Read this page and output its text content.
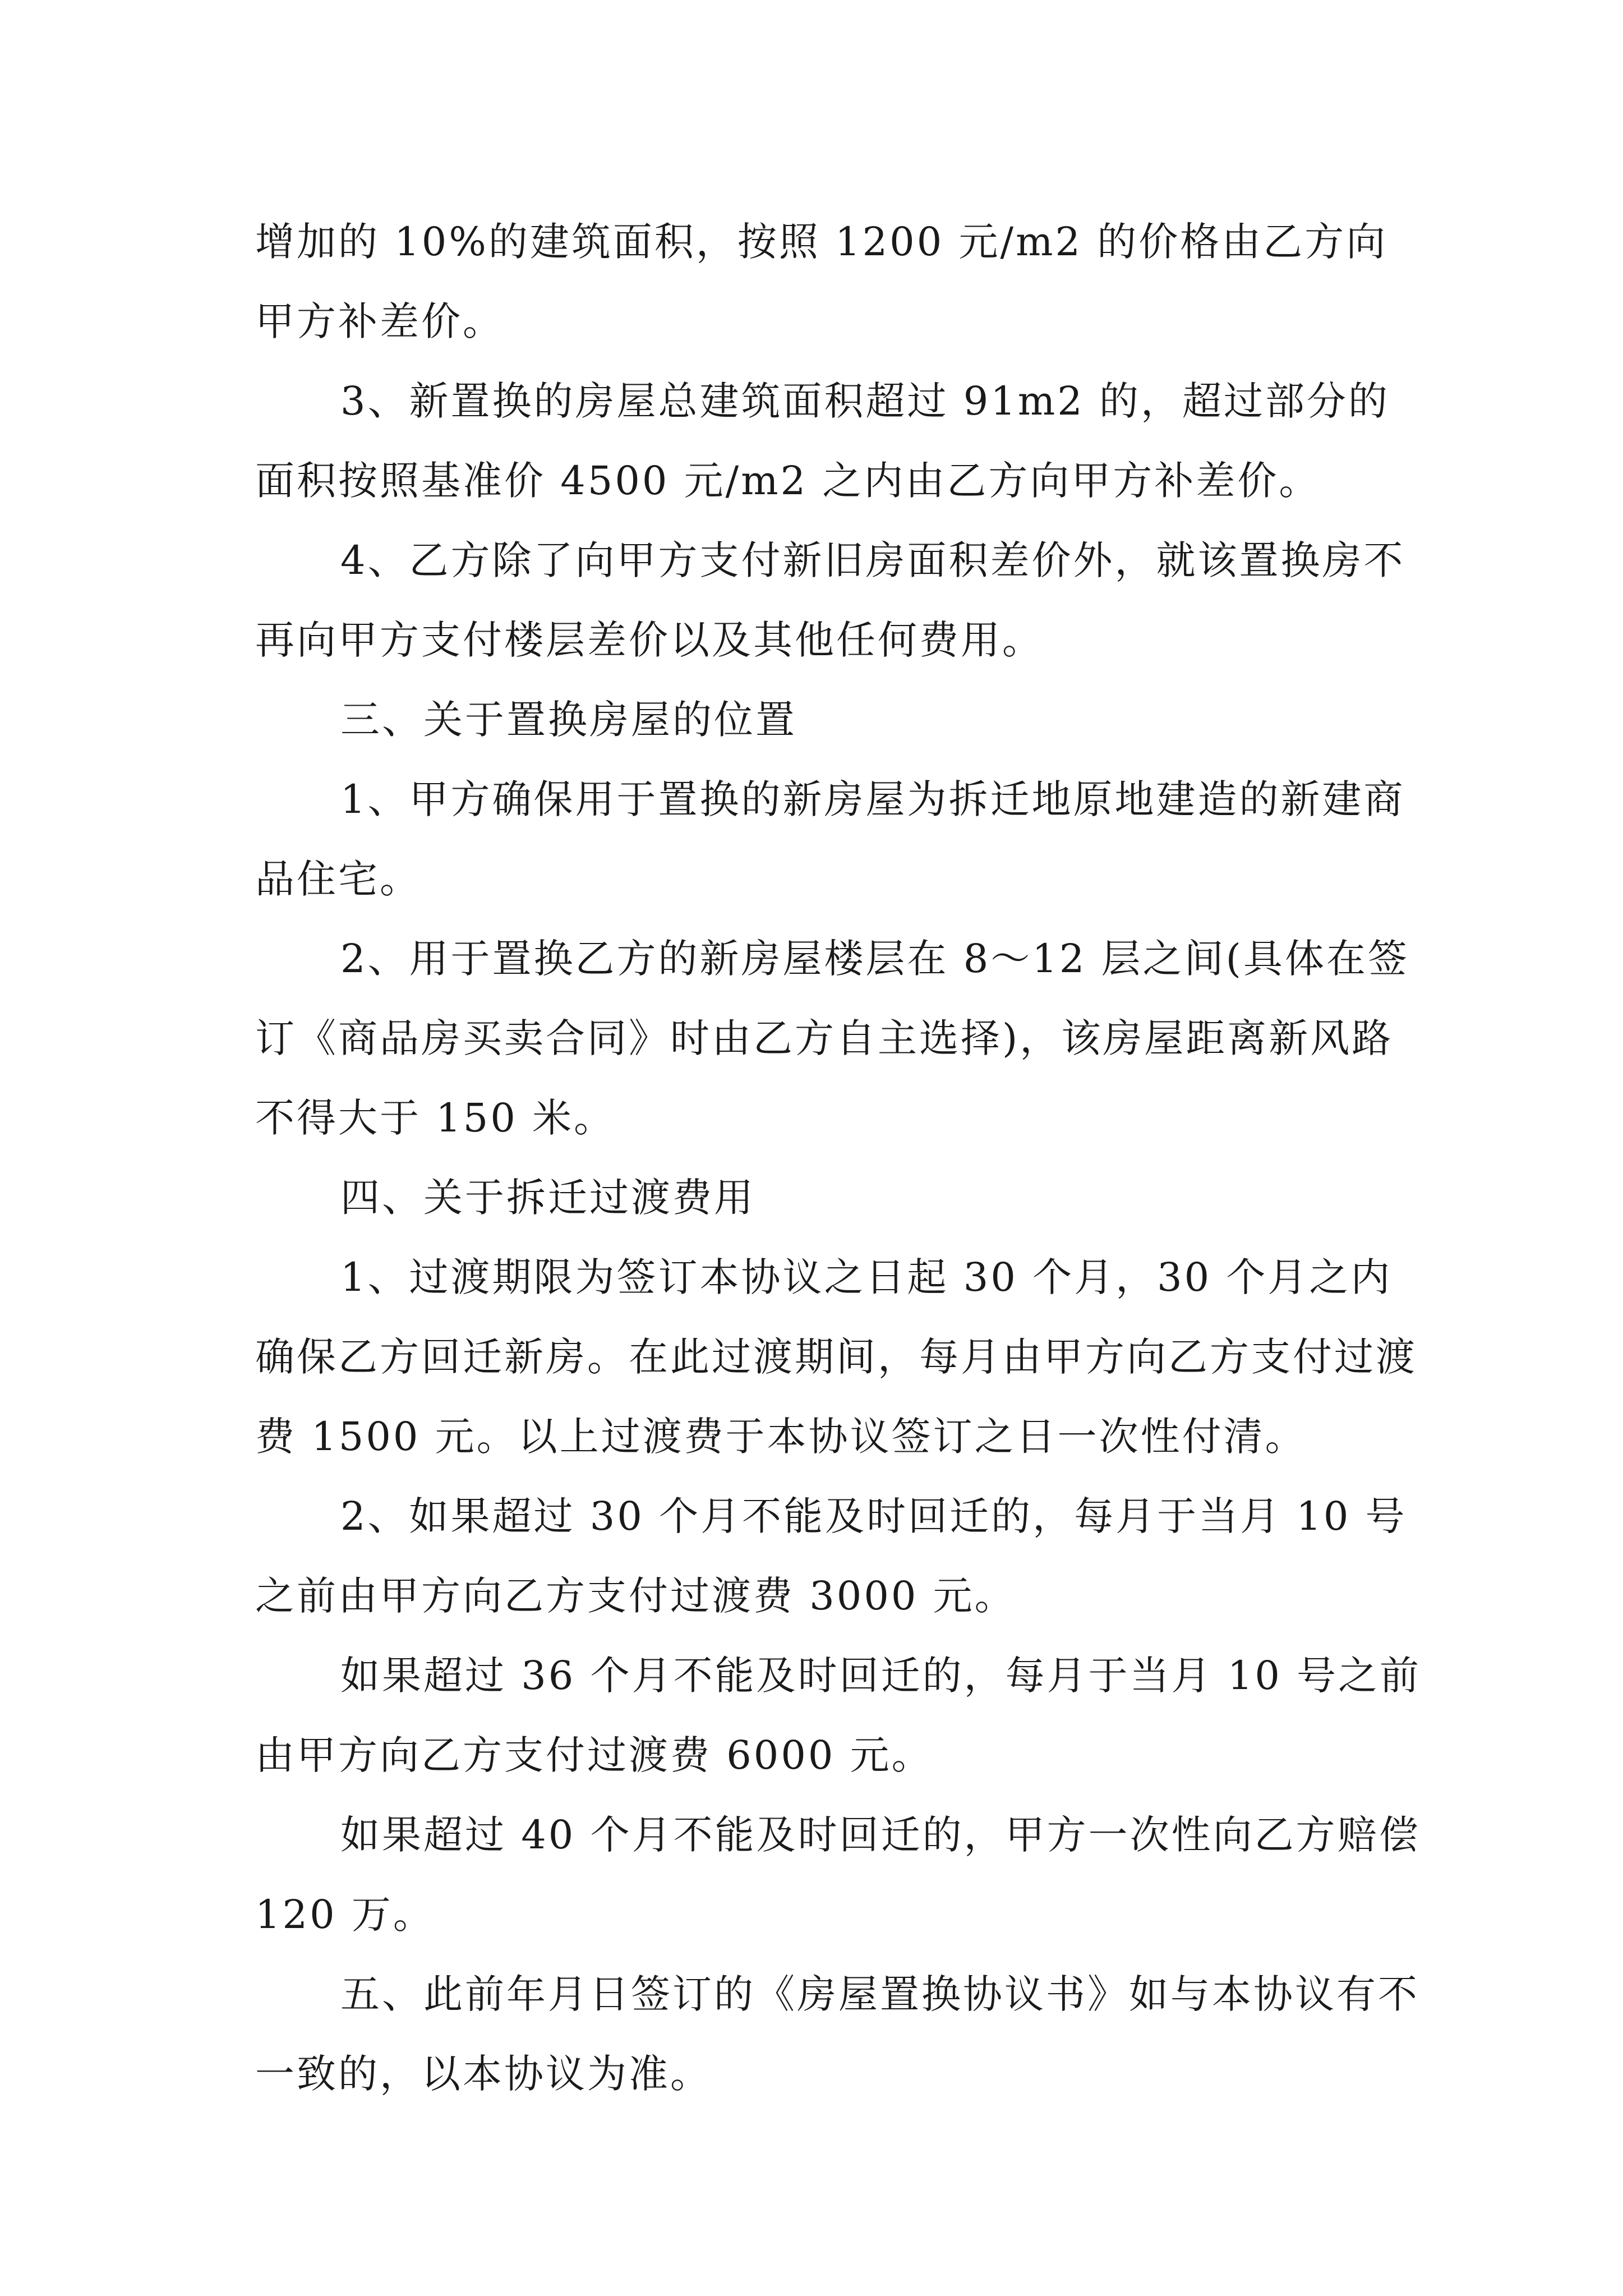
增加的 10%的建筑面积，按照 1200 元/m2 的价格由乙方向甲方补差价。

3、新置换的房屋总建筑面积超过 91m2 的，超过部分的面积按照基准价 4500 元/m2 之内由乙方向甲方补差价。

4、乙方除了向甲方支付新旧房面积差价外，就该置换房不再向甲方支付楼层差价以及其他任何费用。

三、关于置换房屋的位置

1、甲方确保用于置换的新房屋为拆迁地原地建造的新建商品住宅。

2、用于置换乙方的新房屋楼层在 8～12 层之间(具体在签订《商品房买卖合同》时由乙方自主选择)，该房屋距离新风路不得大于 150 米。

四、关于拆迁过渡费用

1、过渡期限为签订本协议之日起 30 个月，30 个月之内确保乙方回迁新房。在此过渡期间，每月由甲方向乙方支付过渡费 1500 元。以上过渡费于本协议签订之日一次性付清。

2、如果超过 30 个月不能及时回迁的，每月于当月 10 号之前由甲方向乙方支付过渡费 3000 元。

如果超过 36 个月不能及时回迁的，每月于当月 10 号之前由甲方向乙方支付过渡费 6000 元。

如果超过 40 个月不能及时回迁的，甲方一次性向乙方赔偿 120 万。

五、此前年月日签订的《房屋置换协议书》如与本协议有不一致的，以本协议为准。
